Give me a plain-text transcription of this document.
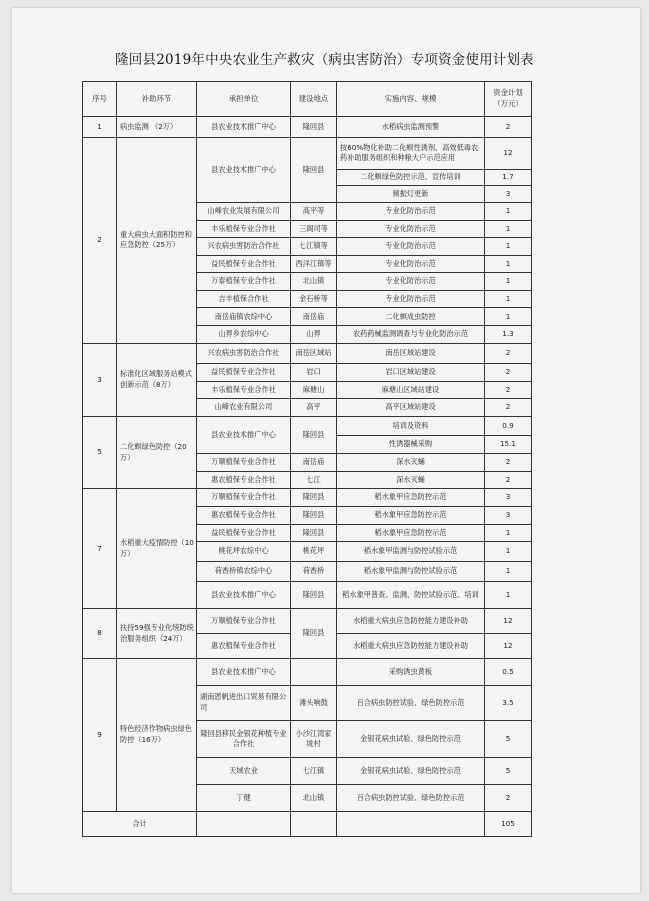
隆回县2019年中央农业生产救灾（病虫害防治）专项资金使用计划表
序号	补助环节	承担单位	建设地点	实施内容、规模	资金计划
（万元）
1	病虫监测 （2万）	县农业技术推广中心	隆回县	水稻病虫监测预警	2
2	重大病虫大面积防控和应急防控（25万）	县农业技术推广中心	隆回县	按60%物化补助二化螟性诱剂、高效低毒农药补助服务组织和种粮大户示范应用	12
				二化螟绿色防控示范、宣传培训	1.7
				频振灯更新	3
		山峰农业发展有限公司	高平等	专业化防治示范	1
		丰乐植保专业合作社	三阁司等	专业化防治示范	1
		兴农病虫害防治合作社	七江镇等	专业化防治示范	1
		益民植保专业合作社	西洋江镇等	专业化防治示范	1
		万泰植保专业合作社	北山镇	专业化防治示范	1
		吉丰植保合作社	金石桥等	专业化防治示范	1
		南岳庙镇农综中心	南岳庙	二化螟成虫防控	1
		山界乡农综中心	山界	农药药械监测调查与专业化防治示范	1.3
3	标准化区域服务站模式创新示范（8万）	兴农病虫害防治合作社	南岳区域站	南岳区域站建设	2
		益民植保专业合作社	岩口	岩口区域站建设	2
		丰乐植保专业合作社	麻塘山	麻塘山区域站建设	2
		山峰农业有限公司	高平	高平区域站建设	2
5	二化螟绿色防控（20万）	县农业技术推广中心	隆回县	培训及资料	0.9
				性诱器械采购	15.1
		万顺植保专业合作社	南岳庙	深水灭蛹	2
		惠农植保专业合作社	七江	深水灭蛹	2
7	水稻重大疫情防控（10万）	万顺植保专业合作社	隆回县	稻水象甲应急防控示范	3
		惠农植保专业合作社	隆回县	稻水象甲应急防控示范	3
		益民植保专业合作社	隆回县	稻水象甲应急防控示范	1
		桃花坪农综中心	桃花坪	稻水象甲监测与防控试验示范	1
		荷香桥镇农综中心	荷香桥	稻水象甲监测与防控试验示范	1
		县农业技术推广中心	隆回县	稻水象甲普查、监测、防控试验示范、培训	1
8	扶持59强专业化统防统治服务组织（24万）	万顺植保专业合作社	隆回县	水稻重大病虫应急防控能力建设补助	12
		惠农植保专业合作社		水稻重大病虫应急防控能力建设补助	12
9	特色经济作物病虫绿色防控（16万）	县农业技术推广中心		采购诱虫黄板	0.5
		湖南恩帆进出口贸易有限公司	滩头响鼓	百合病虫防控试验、绿色防控示范	3.5
		隆回县移民金银花种植专业合作社	小沙江湾家垅村	金银花病虫试验、绿色防控示范	5
		天域农业	七江镇	金银花病虫试验、绿色防控示范	5
		丁健	北山镇	百合病虫防控试验、绿色防控示范	2
合计					105
